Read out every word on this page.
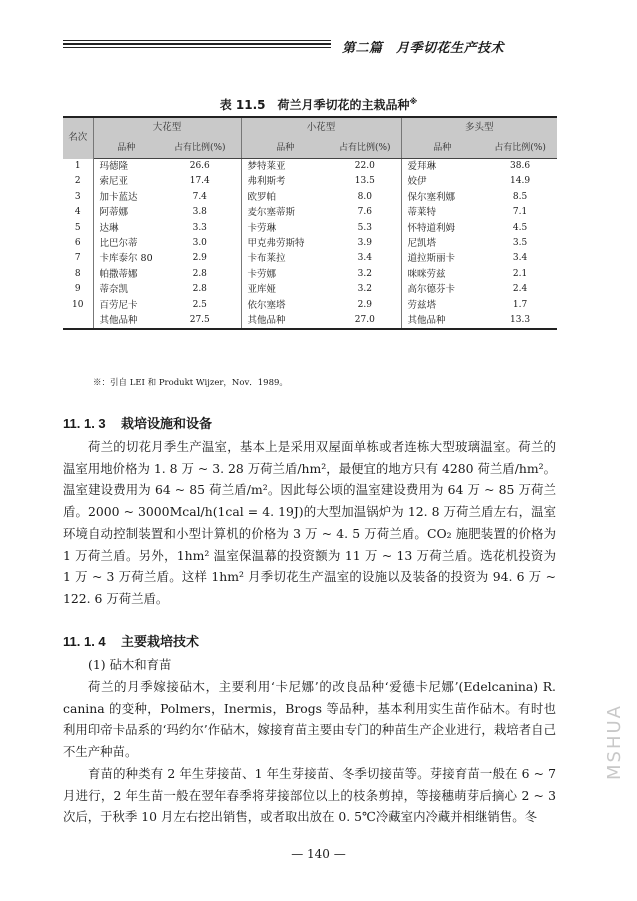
第二篇　月季切花生产技术
表 11.5　荷兰月季切花的主栽品种※
名次	大花型		小花型		多头型	
	品种	占有比例(%)	品种	占有比例(%)	品种	占有比例(%)
1	玛德隆	26.6	梦特莱亚	22.0	爱拜琳	38.6
2	索尼亚	17.4	弗利斯考	13.5	姣伊	14.9
3	加卡蓝达	7.4	欧罗帕	8.0	保尔塞利娜	8.5
4	阿蒂娜	3.8	麦尔塞蒂斯	7.6	蒂莱特	7.1
5	达琳	3.3	卡劳琳	5.3	怀特道利姆	4.5
6	比巴尔蒂	3.0	甲克弗劳斯特	3.9	尼凯塔	3.5
7	卡库泰尔 80	2.9	卡布莱拉	3.4	道拉斯丽卡	3.4
8	帕撒蒂娜	2.8	卡劳娜	3.2	咪咪劳兹	2.1
9	蒂奈凯	2.8	亚库娅	3.2	高尔德芬卡	2.4
10	百劳尼卡	2.5	依尔塞塔	2.9	劳兹塔	1.7
	其他品种	27.5	其他品种	27.0	其他品种	13.3
※：引自 LEI 和 Produkt Wijzer，Nov．1989。
11. 1. 3 栽培设施和设备
荷兰的切花月季生产温室，基本上是采用双屋面单栋或者连栋大型玻璃温室。荷兰的温室用地价格为 1. 8 万 ~ 3. 28 万荷兰盾/hm²，最便宜的地方只有 4280 荷兰盾/hm²。温室建设费用为 64 ~ 85 荷兰盾/m²。因此每公顷的温室建设费用为 64 万 ~ 85 万荷兰盾。2000 ~ 3000Mcal/h(1cal = 4. 19J)的大型加温锅炉为 12. 8 万荷兰盾左右，温室环境自动控制装置和小型计算机的价格为 3 万 ~ 4. 5 万荷兰盾。CO₂ 施肥装置的价格为 1 万荷兰盾。另外，1hm² 温室保温幕的投资额为 11 万 ~ 13 万荷兰盾。选花机投资为 1 万 ~ 3 万荷兰盾。这样 1hm² 月季切花生产温室的设施以及装备的投资为 94. 6 万 ~ 122. 6 万荷兰盾。
11. 1. 4 主要栽培技术
(1) 砧木和育苗
荷兰的月季嫁接砧木，主要利用‘卡尼娜’的改良品种‘爱德卡尼娜’(Edelcanina) R. canina 的变种，Polmers，Inermis，Brogs 等品种，基本利用实生苗作砧木。有时也利用印帝卡品系的‘玛约尔’作砧木，嫁接育苗主要由专门的种苗生产企业进行，栽培者自己不生产种苗。
育苗的种类有 2 年生芽接苗、1 年生芽接苗、冬季切接苗等。芽接育苗一般在 6 ~ 7 月进行，2 年生苗一般在翌年春季将芽接部位以上的枝条剪掉，等接穗萌芽后摘心 2 ~ 3 次后，于秋季 10 月左右挖出销售，或者取出放在 0. 5℃冷藏室内冷藏并相继销售。冬
— 140 —
MSHUA
